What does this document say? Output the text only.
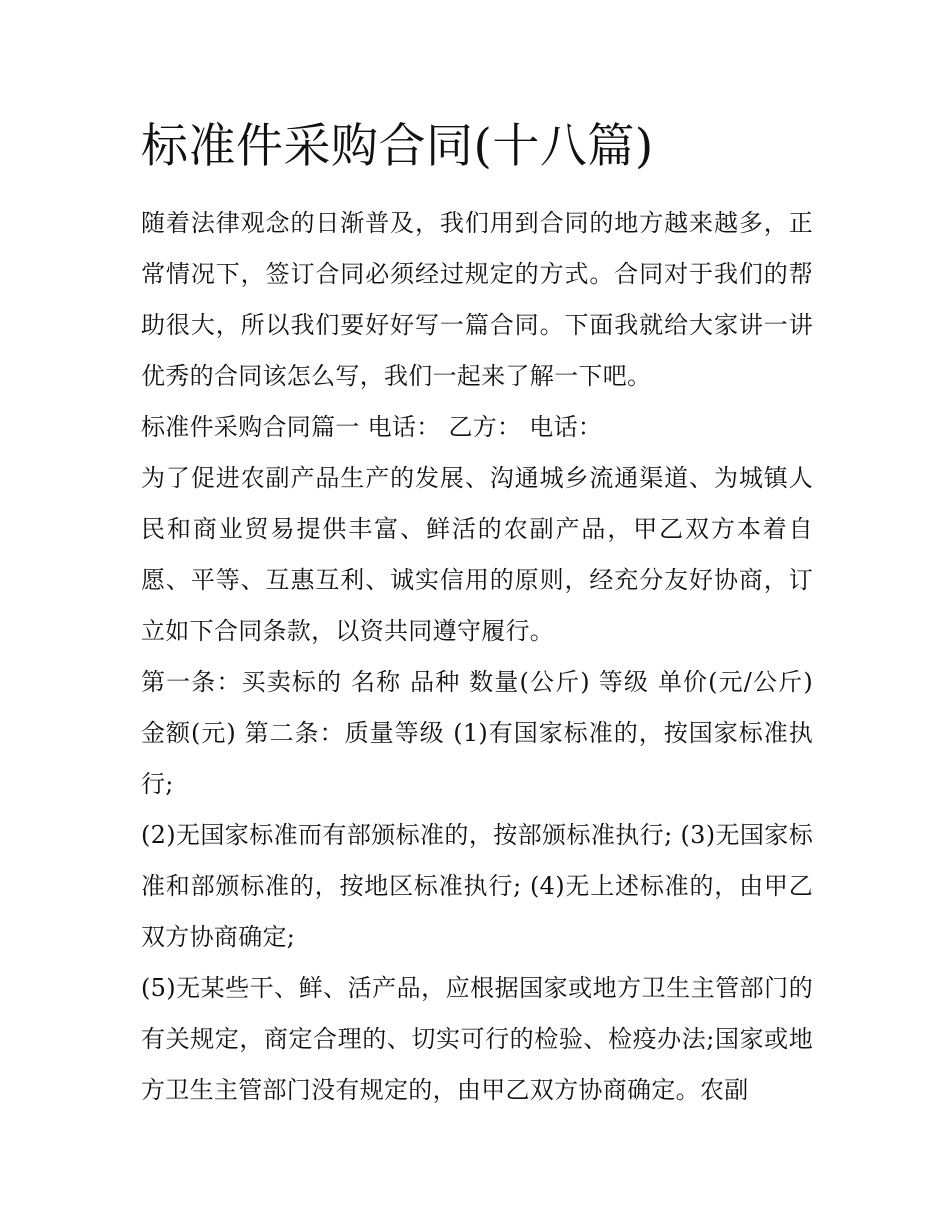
标准件采购合同(十八篇)

随着法律观念的日渐普及，我们用到合同的地方越来越多，正常情况下，签订合同必须经过规定的方式。合同对于我们的帮助很大，所以我们要好好写一篇合同。下面我就给大家讲一讲优秀的合同该怎么写，我们一起来了解一下吧。

标准件采购合同篇一 电话： 乙方： 电话：

为了促进农副产品生产的发展、沟通城乡流通渠道、为城镇人民和商业贸易提供丰富、鲜活的农副产品，甲乙双方本着自愿、平等、互惠互利、诚实信用的原则，经充分友好协商，订立如下合同条款，以资共同遵守履行。

第一条：买卖标的 名称 品种 数量(公斤) 等级 单价(元/公斤) 金额(元) 第二条：质量等级 (1)有国家标准的，按国家标准执行;

(2)无国家标准而有部颁标准的，按部颁标准执行; (3)无国家标准和部颁标准的，按地区标准执行; (4)无上述标准的，由甲乙双方协商确定;

(5)无某些干、鲜、活产品，应根据国家或地方卫生主管部门的有关规定，商定合理的、切实可行的检验、检疫办法;国家或地方卫生主管部门没有规定的，由甲乙双方协商确定。农副
